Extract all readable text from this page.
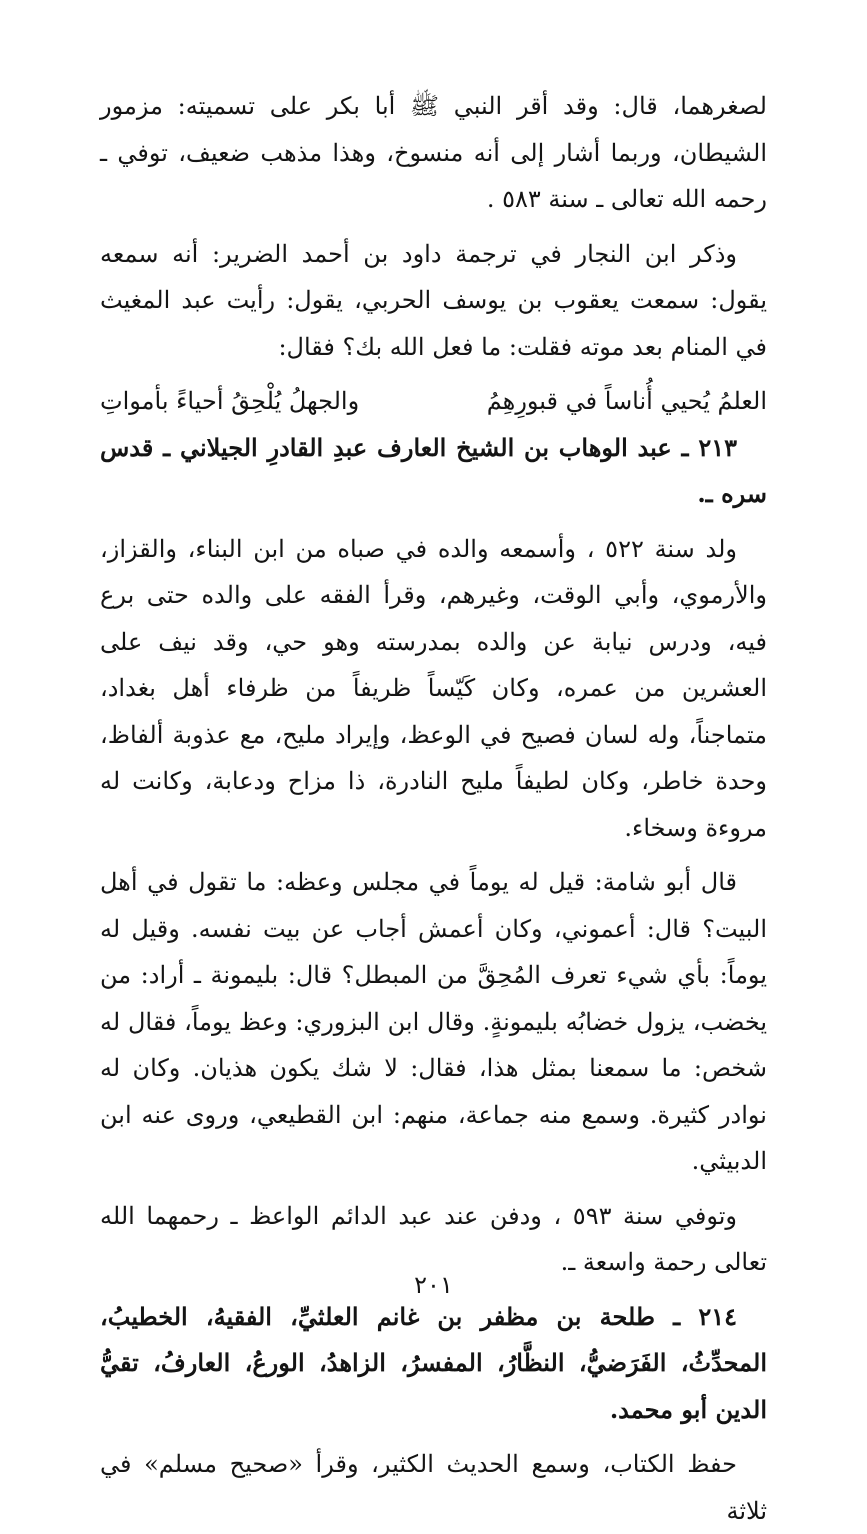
لصغرهما، قال: وقد أقر النبي ﷺ أبا بكر على تسميته: مزمور الشيطان، وربما أشار إلى أنه منسوخ، وهذا مذهب ضعيف، توفي ـ رحمه الله تعالى ـ سنة ٥٨٣ .

وذكر ابن النجار في ترجمة داود بن أحمد الضرير: أنه سمعه يقول: سمعت يعقوب بن يوسف الحربي، يقول: رأيت عبد المغيث في المنام بعد موته فقلت: ما فعل الله بك؟ فقال:

العلمُ يُحيي أُناساً في قبورِهِمُ
والجهلُ يُلْحِقُ أحياءً بأمواتِ

٢١٣ ـ عبد الوهاب بن الشيخ العارف عبدِ القادرِ الجيلاني ـ قدس سره ـ.

ولد سنة ٥٢٢ ، وأسمعه والده في صباه من ابن البناء، والقزاز، والأرموي، وأبي الوقت، وغيرهم، وقرأ الفقه على والده حتى برع فيه، ودرس نيابة عن والده بمدرسته وهو حي، وقد نيف على العشرين من عمره، وكان كَيّساً ظريفاً من ظرفاء أهل بغداد، متماجناً، وله لسان فصيح في الوعظ، وإيراد مليح، مع عذوبة ألفاظ، وحدة خاطر، وكان لطيفاً مليح النادرة، ذا مزاح ودعابة، وكانت له مروءة وسخاء.

قال أبو شامة: قيل له يوماً في مجلس وعظه: ما تقول في أهل البيت؟ قال: أعموني، وكان أعمش أجاب عن بيت نفسه. وقيل له يوماً: بأي شيء تعرف المُحِقَّ من المبطل؟ قال: بليمونة ـ أراد: من يخضب، يزول خضابُه بليمونةٍ. وقال ابن البزوري: وعظ يوماً، فقال له شخص: ما سمعنا بمثل هذا، فقال: لا شك يكون هذيان. وكان له نوادر كثيرة. وسمع منه جماعة، منهم: ابن القطيعي، وروى عنه ابن الدبيثي.

وتوفي سنة ٥٩٣ ، ودفن عند عبد الدائم الواعظ ـ رحمهما الله تعالى رحمة واسعة ـ.

٢١٤ ـ طلحة بن مظفر بن غانم العلثيِّ، الفقيهُ، الخطيبُ، المحدِّثُ، الفَرَضيُّ، النظَّارُ، المفسرُ، الزاهدُ، الورعُ، العارفُ، تقيُّ الدين أبو محمد.

حفظ الكتاب، وسمع الحديث الكثير، وقرأ «صحيح مسلم» في ثلاثة

٢٠١
